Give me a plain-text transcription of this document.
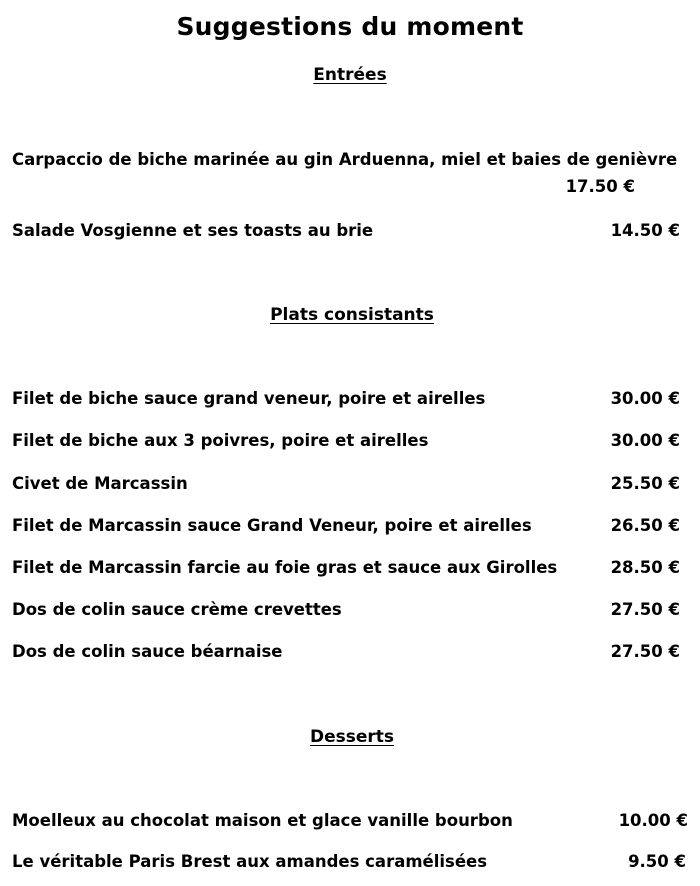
Suggestions du moment
Entrées
Carpaccio de biche marinée au gin Arduenna, miel et baies de genièvre
17.50 €
Salade Vosgienne et ses toasts au brie	14.50 €
Plats consistants
Filet de biche sauce grand veneur, poire et airelles	30.00 €
Filet de biche aux 3 poivres, poire et airelles	30.00 €
Civet de Marcassin	25.50 €
Filet de Marcassin sauce Grand Veneur, poire et airelles	26.50 €
Filet de Marcassin farcie au foie gras et sauce aux Girolles	28.50 €
Dos de colin sauce crème crevettes	27.50 €
Dos de colin sauce béarnaise	27.50 €
Desserts
Moelleux au chocolat maison et glace vanille bourbon	10.00 €
Le véritable Paris Brest aux amandes caramélisées	9.50 €
